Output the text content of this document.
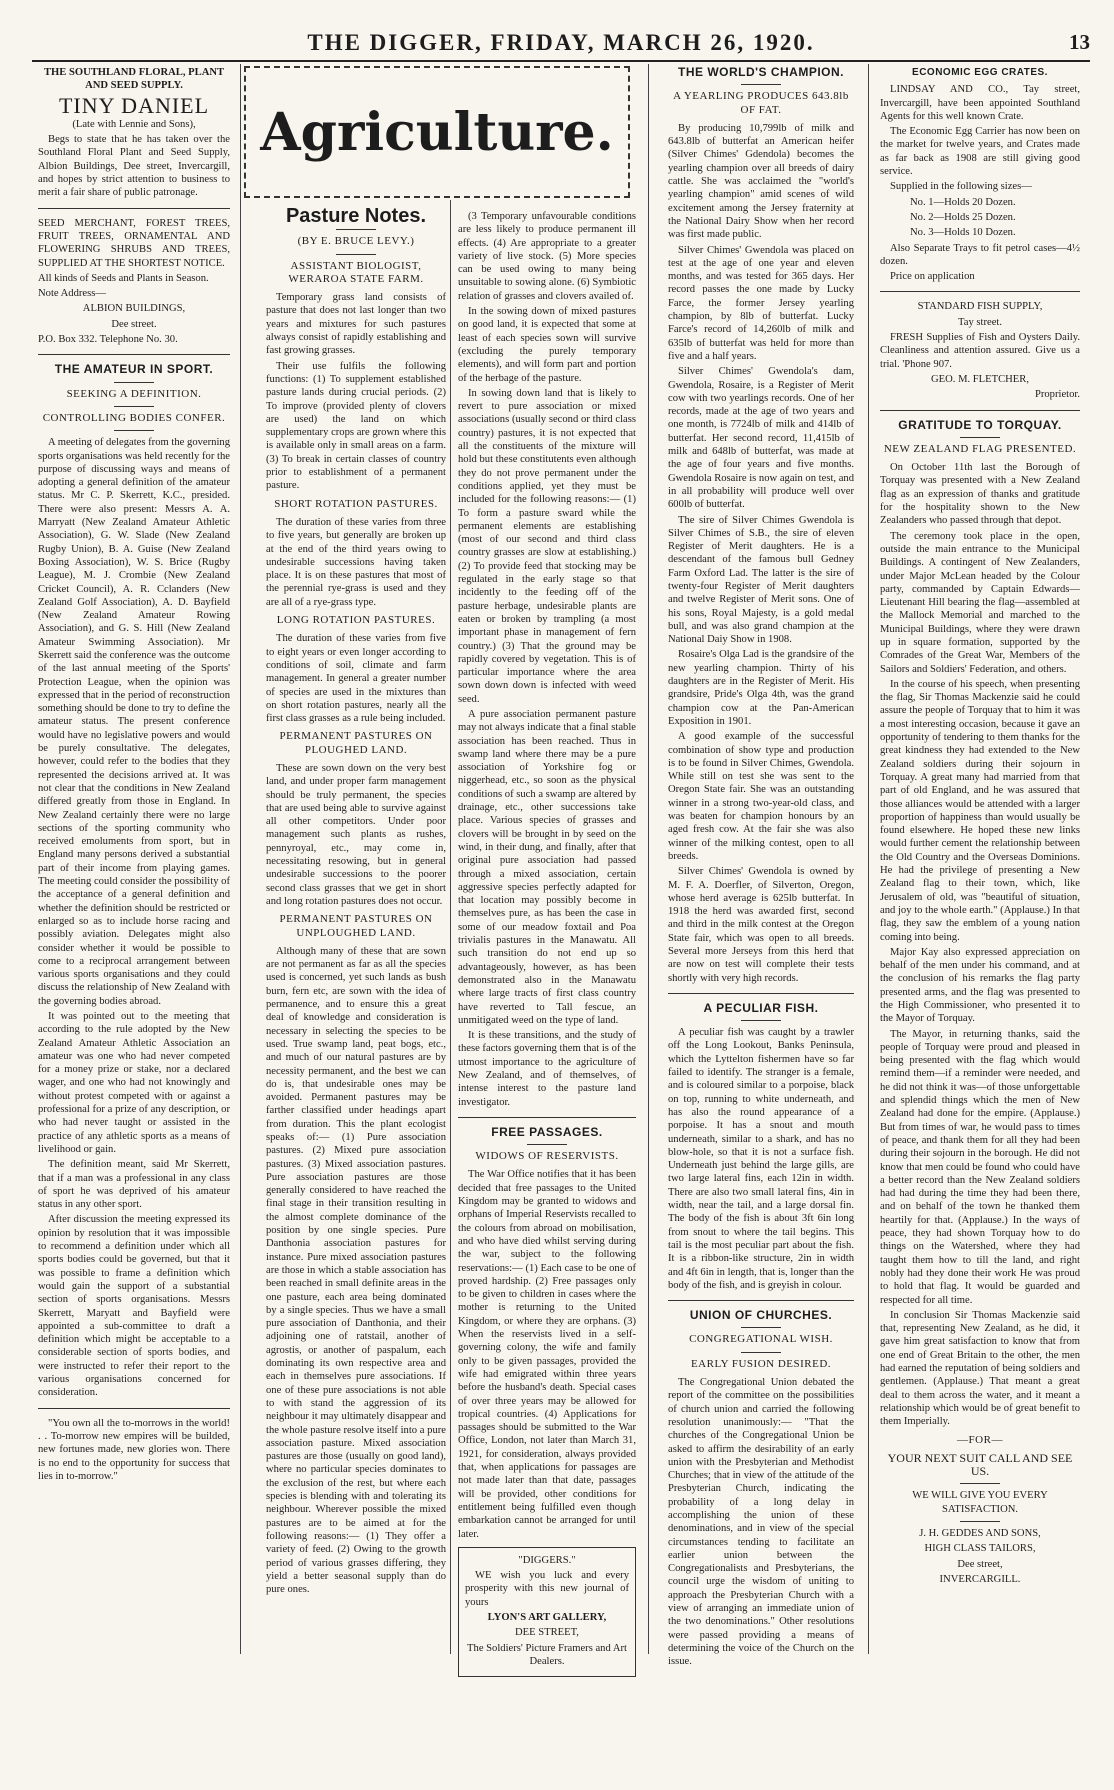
THE DIGGER, FRIDAY, MARCH 26, 1920.	13

THE SOUTHLAND FLORAL, PLANT AND SEED SUPPLY.

TINY DANIEL

(Late with Lennie and Sons),

Begs to state that he has taken over the Southland Floral Plant and Seed Supply, Albion Buildings, Dee street, Invercargill, and hopes by strict attention to business to merit a fair share of public patronage.

SEED MERCHANT, FOREST TREES, FRUIT TREES, ORNAMENTAL AND FLOWERING SHRUBS AND TREES, SUPPLIED AT THE SHORTEST NOTICE.

All kinds of Seeds and Plants in Season.

Note Address—

ALBION BUILDINGS,

Dee street.

P.O. Box 332. Telephone No. 30.

THE AMATEUR IN SPORT.
SEEKING A DEFINITION.
CONTROLLING BODIES CONFER.

A meeting of delegates from the governing sports organisations was held recently for the purpose of discussing ways and means of adopting a general definition of the amateur status. Mr C. P. Skerrett, K.C., presided. There were also present: Messrs A. A. Marryatt (New Zealand Amateur Athletic Association), G. W. Slade (New Zealand Rugby Union), B. A. Guise (New Zealand Boxing Association), W. S. Brice (Rugby League), M. J. Crombie (New Zealand Cricket Council), A. R. Cclanders (New Zealand Golf Association), A. D. Bayfield (New Zealand Amateur Rowing Association), and G. S. Hill (New Zealand Amateur Swimming Association). Mr Skerrett said the conference was the outcome of the last annual meeting of the Sports' Protection League, when the opinion was expressed that in the period of reconstruction something should be done to try to define the amateur status. The present conference would have no legislative powers and would be purely consultative. The delegates, however, could refer to the bodies that they represented the decisions arrived at. It was not clear that the conditions in New Zealand differed greatly from those in England. In New Zealand certainly there were no large sections of the sporting community who received emoluments from sport, but in England many persons derived a substantial part of their income from playing games. The meeting could consider the possibility of the acceptance of a general definition and whether the definition should be restricted or enlarged so as to include horse racing and possibly aviation. Delegates might also consider whether it would be possible to come to a reciprocal arrangement between various sports organisations and they could discuss the relationship of New Zealand with the governing bodies abroad.

It was pointed out to the meeting that according to the rule adopted by the New Zealand Amateur Athletic Association an amateur was one who had never competed for a money prize or stake, nor a declared wager, and one who had not knowingly and without protest competed with or against a professional for a prize of any description, or who had never taught or assisted in the practice of any athletic sports as a means of livelihood or gain.

The definition meant, said Mr Skerrett, that if a man was a professional in any class of sport he was deprived of his amateur status in any other sport.

After discussion the meeting expressed its opinion by resolution that it was impossible to recommend a definition under which all sports bodies could be governed, but that it was possible to frame a definition which would gain the support of a substantial section of sports organisations. Messrs Skerrett, Maryatt and Bayfield were appointed a sub-committee to draft a definition which might be acceptable to a considerable section of sports bodies, and were instructed to refer their report to the various organisations concerned for consideration.

"You own all the to-morrows in the world! . . To-morrow new empires will be builded, new fortunes made, new glories won. There is no end to the opportunity for success that lies in to-morrow."

Agriculture.
Pasture Notes.
(BY E. BRUCE LEVY.)
ASSISTANT BIOLOGIST, WERAROA STATE FARM.

Temporary grass land consists of pasture that does not last longer than two years and mixtures for such pastures always consist of rapidly establishing and fast growing grasses.

Their use fulfils the following functions: (1) To supplement established pasture lands during crucial periods. (2) To improve (provided plenty of clovers are used) the land on which supplementary crops are grown where this is available only in small areas on a farm. (3) To break in certain classes of country prior to establishment of a permanent pasture.

SHORT ROTATION PASTURES.

The duration of these varies from three to five years, but generally are broken up at the end of the third years owing to undesirable successions having taken place. It is on these pastures that most of the perennial rye-grass is used and they are all of a rye-grass type.

LONG ROTATION PASTURES.

The duration of these varies from five to eight years or even longer according to conditions of soil, climate and farm management. In general a greater number of species are used in the mixtures than on short rotation pastures, nearly all the first class grasses as a rule being included.

PERMANENT PASTURES ON PLOUGHED LAND.

These are sown down on the very best land, and under proper farm management should be truly permanent, the species that are used being able to survive against all other competitors. Under poor management such plants as rushes, pennyroyal, etc., may come in, necessitating resowing, but in general undesirable successions to the poorer second class grasses that we get in short and long rotation pastures does not occur.

PERMANENT PASTURES ON UNPLOUGHED LAND.

Although many of these that are sown are not permanent as far as all the species used is concerned, yet such lands as bush burn, fern etc, are sown with the idea of permanence, and to ensure this a great deal of knowledge and consideration is necessary in selecting the species to be used. True swamp land, peat bogs, etc., and much of our natural pastures are by necessity permanent, and the best we can do is, that undesirable ones may be avoided. Permanent pastures may be farther classified under headings apart from duration. This the plant ecologist speaks of:— (1) Pure association pastures. (2) Mixed pure association pastures. (3) Mixed association pastures. Pure association pastures are those generally considered to have reached the final stage in their transition resulting in the almost complete dominance of the position by one single species. Pure Danthonia association pastures for instance. Pure mixed association pastures are those in which a stable association has been reached in small definite areas in the one pasture, each area being dominated by a single species. Thus we have a small pure association of Danthonia, and their adjoining one of ratstail, another of agrostis, or another of paspalum, each dominating its own respective area and each in themselves pure associations. If one of these pure associations is not able to with stand the aggression of its neighbour it may ultimately disappear and the whole pasture resolve itself into a pure association pasture. Mixed association pastures are those (usually on good land), where no particular species dominates to the exclusion of the rest, but where each species is blending with and tolerating its neighbour. Wherever possible the mixed pastures are to be aimed at for the following reasons:— (1) They offer a variety of feed. (2) Owing to the growth period of various grasses differing, they yield a better seasonal supply than do pure ones.

(3 Temporary unfavourable conditions are less likely to produce permanent ill effects. (4) Are appropriate to a greater variety of live stock. (5) More species can be used owing to many being unsuitable to sowing alone. (6) Symbiotic relation of grasses and clovers availed of.

In the sowing down of mixed pastures on good land, it is expected that some at least of each species sown will survive (excluding the purely temporary elements), and will form part and portion of the herbage of the pasture.

In sowing down land that is likely to revert to pure association or mixed associations (usually second or third class country) pastures, it is not expected that all the constituents of the mixture will hold but these constitutents even although they do not prove permanent under the conditions applied, yet they must be included for the following reasons:— (1) To form a pasture sward while the permanent elements are establishing (most of our second and third class country grasses are slow at establishing.) (2) To provide feed that stocking may be regulated in the early stage so that incidently to the feeding off of the pasture herbage, undesirable plants are eaten or broken by trampling (a most important phase in management of fern country.) (3) That the ground may be rapidly covered by vegetation. This is of particular importance where the area sown down down is infected with weed seed.

A pure association permanent pasture may not always indicate that a final stable association has been reached. Thus in swamp land where there may be a pure association of Yorkshire fog or niggerhead, etc., so soon as the physical conditions of such a swamp are altered by drainage, etc., other successions take place. Various species of grasses and clovers will be brought in by seed on the wind, in their dung, and finally, after that original pure association had passed through a mixed association, certain aggressive species perfectly adapted for that location may possibly become in themselves pure, as has been the case in some of our meadow foxtail and Poa trivialis pastures in the Manawatu. All such transition do not end up so advantageously, however, as has been demonstrated also in the Manawatu where large tracts of first class country have reverted to Tall fescue, an unmitigated weed on the type of land.

It is these transitions, and the study of these factors governing them that is of the utmost importance to the agriculture of New Zealand, and of themselves, of intense interest to the pasture land investigator.

FREE PASSAGES.
WIDOWS OF RESERVISTS.

The War Office notifies that it has been decided that free passages to the United Kingdom may be granted to widows and orphans of Imperial Reservists recalled to the colours from abroad on mobilisation, and who have died whilst serving during the war, subject to the following reservations:— (1) Each case to be one of proved hardship. (2) Free passages only to be given to children in cases where the mother is returning to the United Kingdom, or where they are orphans. (3) When the reservists lived in a self-governing colony, the wife and family only to be given passages, provided the wife had emigrated within three years before the husband's death. Special cases of over three years may be allowed for tropical countries. (4) Applications for passages should be submitted to the War Office, London, not later than March 31, 1921, for consideration, always provided that, when applications for passages are not made later than that date, passages will be provided, other conditions for entitlement being fulfilled even though embarkation cannot be arranged for until later.

"DIGGERS."

WE wish you luck and every prosperity with this new journal of yours

LYON'S ART GALLERY,

DEE STREET,

The Soldiers' Picture Framers and Art Dealers.

THE WORLD'S CHAMPION.
A YEARLING PRODUCES 643.8lb OF FAT.

By producing 10,799lb of milk and 643.8lb of butterfat an American heifer (Silver Chimes' Gdendola) becomes the yearling champion over all breeds of dairy cattle. She was acclaimed the "world's yearling champion" amid scenes of wild excitement among the Jersey fraternity at the National Dairy Show when her record was first made public.

Silver Chimes' Gwendola was placed on test at the age of one year and eleven months, and was tested for 365 days. Her record passes the one made by Lucky Farce, the former Jersey yearling champion, by 8lb of butterfat. Lucky Farce's record of 14,260lb of milk and 635lb of butterfat was held for more than five and a half years.

Silver Chimes' Gwendola's dam, Gwendola, Rosaire, is a Register of Merit cow with two yearlings records. One of her records, made at the age of two years and one month, is 7724lb of milk and 414lb of butterfat. Her second record, 11,415lb of milk and 648lb of butterfat, was made at the age of four years and five months. Gwendola Rosaire is now again on test, and in all probability will produce well over 600lb of butterfat.

The sire of Silver Chimes Gwendola is Silver Chimes of S.B., the sire of eleven Register of Merit daughters. He is a descendant of the famous bull Gedney Farm Oxford Lad. The latter is the sire of twenty-four Register of Merit daughters and twelve Register of Merit sons. One of his sons, Royal Majesty, is a gold medal bull, and was also grand champion at the National Daiy Show in 1908.

Rosaire's Olga Lad is the grandsire of the new yearling champion. Thirty of his daughters are in the Register of Merit. His grandsire, Pride's Olga 4th, was the grand champion cow at the Pan-American Exposition in 1901.

A good example of the successful combination of show type and production is to be found in Silver Chimes, Gwendola. While still on test she was sent to the Oregon State fair. She was an outstanding winner in a strong two-year-old class, and was beaten for champion honours by an aged fresh cow. At the fair she was also winner of the milking contest, open to all breeds.

Silver Chimes' Gwendola is owned by M. F. A. Doerfler, of Silverton, Oregon, whose herd average is 625lb butterfat. In 1918 the herd was awarded first, second and third in the milk contest at the Oregon State fair, which was open to all breeds. Several more Jerseys from this herd that are now on test will complete their tests shortly with very high records.

A PECULIAR FISH.

A peculiar fish was caught by a trawler off the Long Lookout, Banks Peninsula, which the Lyttelton fishermen have so far failed to identify. The stranger is a female, and is coloured similar to a porpoise, black on top, running to white underneath, and has also the round appearance of a porpoise. It has a snout and mouth underneath, similar to a shark, and has no blow-hole, so that it is not a surface fish. Underneath just behind the large gills, are two large lateral fins, each 12in in width. There are also two small lateral fins, 4in in width, near the tail, and a large dorsal fin. The body of the fish is about 3ft 6in long from snout to where the tail begins. This tail is the most peculiar part about the fish. It is a ribbon-like structure, 2in in width and 4ft 6in in length, that is, longer than the body of the fish, and is greyish in colour.

UNION OF CHURCHES.
CONGREGATIONAL WISH.
EARLY FUSION DESIRED.

The Congregational Union debated the report of the committee on the possibilities of church union and carried the following resolution unanimously:— "That the churches of the Congregational Union be asked to affirm the desirability of an early union with the Presbyterian and Methodist Churches; that in view of the attitude of the Presbyterian Church, indicating the probability of a long delay in accomplishing the union of these denominations, and in view of the special circumstances tending to facilitate an earlier union between the Congregationalists and Presbyterians, the council urge the wisdom of uniting to approach the Presbyterian Church with a view of arranging an immediate union of the two denominations." Other resolutions were passed providing a means of determining the voice of the Church on the issue.

ECONOMIC EGG CRATES.

LINDSAY AND CO., Tay street, Invercargill, have been appointed Southland Agents for this well known Crate.

The Economic Egg Carrier has now been on the market for twelve years, and Crates made as far back as 1908 are still giving good service.

Supplied in the following sizes—

No. 1—Holds 20 Dozen.

No. 2—Holds 25 Dozen.

No. 3—Holds 10 Dozen.

Also Separate Trays to fit petrol cases—4½ dozen.

Price on application

STANDARD FISH SUPPLY,

Tay street.

FRESH Supplies of Fish and Oysters Daily. Cleanliness and attention assured. Give us a trial. 'Phone 907.

GEO. M. FLETCHER,

Proprietor.

GRATITUDE TO TORQUAY.
NEW ZEALAND FLAG PRESENTED.

On October 11th last the Borough of Torquay was presented with a New Zealand flag as an expression of thanks and gratitude for the hospitality shown to the New Zealanders who passed through that depot.

The ceremony took place in the open, outside the main entrance to the Municipal Buildings. A contingent of New Zealanders, under Major McLean headed by the Colour party, commanded by Captain Edwards—Lieutenant Hill bearing the flag—assembled at the Mallock Memorial and marched to the Municipal Buildings, where they were drawn up in square formation, supported by the Comrades of the Great War, Members of the Sailors and Soldiers' Federation, and others.

In the course of his speech, when presenting the flag, Sir Thomas Mackenzie said he could assure the people of Torquay that to him it was a most interesting occasion, because it gave an opportunity of tendering to them thanks for the great kindness they had extended to the New Zealand soldiers during their sojourn in Torquay. A great many had married from that part of old England, and he was assured that those alliances would be attended with a larger proportion of happiness than would usually be found elsewhere. He hoped these new links would further cement the relationship between the Old Country and the Overseas Dominions. He had the privilege of presenting a New Zealand flag to their town, which, like Jerusalem of old, was "beautiful of situation, and joy to the whole earth." (Applause.) In that flag, they saw the emblem of a young nation coming into being.

Major Kay also expressed appreciation on behalf of the men under his command, and at the conclusion of his remarks the flag party presented arms, and the flag was presented to the High Commissioner, who presented it to the Mayor of Torquay.

The Mayor, in returning thanks, said the people of Torquay were proud and pleased in being presented with the flag which would remind them—if a reminder were needed, and he did not think it was—of those unforgettable and splendid things which the men of New Zealand had done for the empire. (Applause.) But from times of war, he would pass to times of peace, and thank them for all they had been during their sojourn in the borough. He did not know that men could be found who could have a better record than the New Zealand soldiers had had during the time they had been there, and on behalf of the town he thanked them heartily for that. (Applause.) In the ways of peace, they had shown Torquay how to do things on the Watershed, where they had taught them how to till the land, and right nobly had they done their work He was proud to hold that flag. It would be guarded and respected for all time.

In conclusion Sir Thomas Mackenzie said that, representing New Zealand, as he did, it gave him great satisfaction to know that from one end of Great Britain to the other, the men had earned the reputation of being soldiers and gentlemen. (Applause.) That meant a great deal to them across the water, and it meant a relationship which would be of great benefit to them Imperially.

—FOR—

YOUR NEXT SUIT CALL AND SEE US.

WE WILL GIVE YOU EVERY SATISFACTION.

J. H. GEDDES AND SONS,

HIGH CLASS TAILORS,

Dee street,

INVERCARGILL.
